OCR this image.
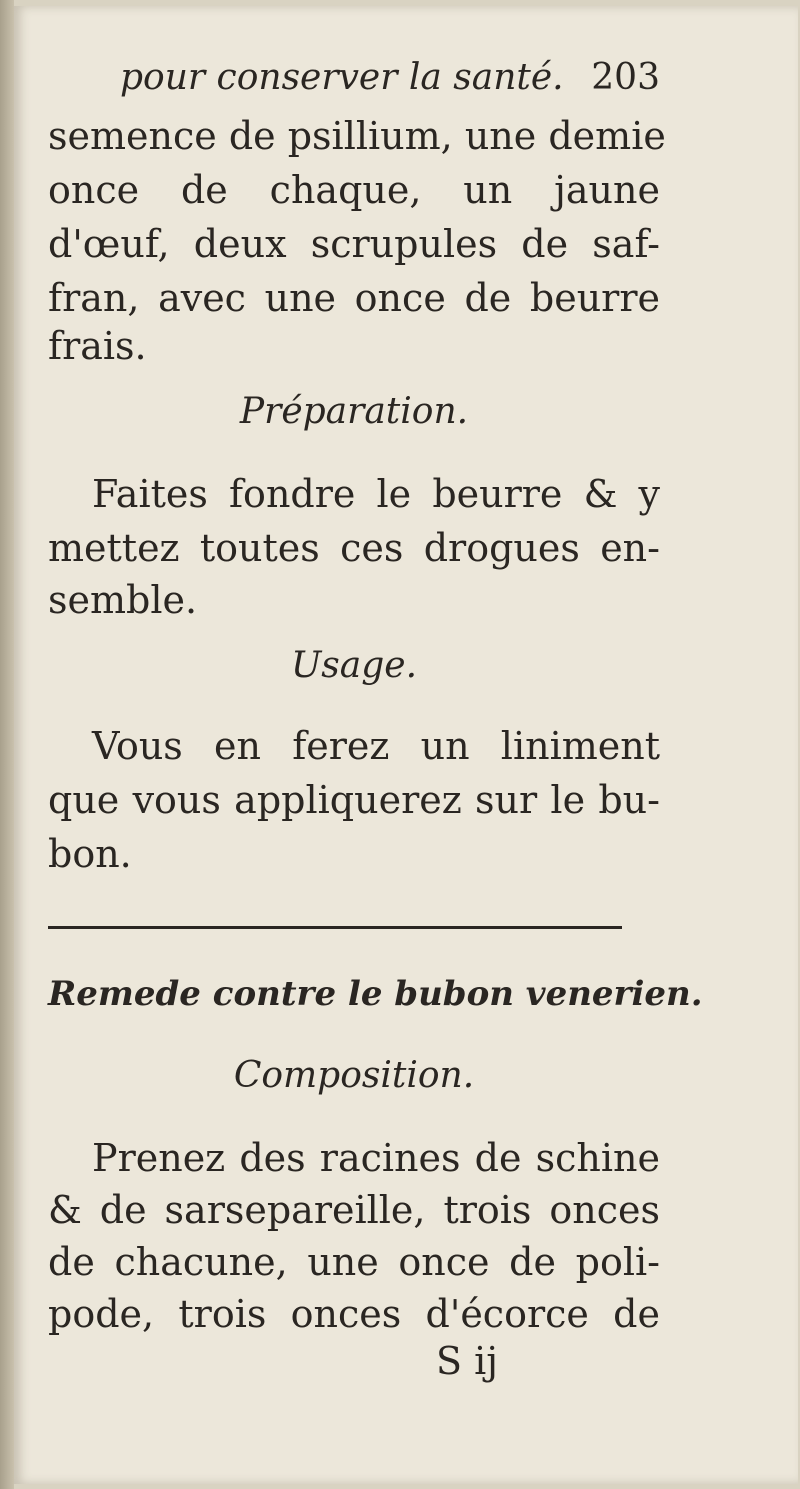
pour conserver la santé. 203
semence de psillium, une demie
once de chaque, un jaune
d'œuf, deux scrupules de saf-
fran, avec une once de beurre
frais.
Préparation.
Faites fondre le beurre & y
mettez toutes ces drogues en-
semble.
Usage.
Vous en ferez un liniment
que vous appliquerez sur le bu-
bon.
Remede contre le bubon venerien.
Composition.
Prenez des racines de schine
& de sarsepareille, trois onces
de chacune, une once de poli-
pode, trois onces d'écorce de
S ij
